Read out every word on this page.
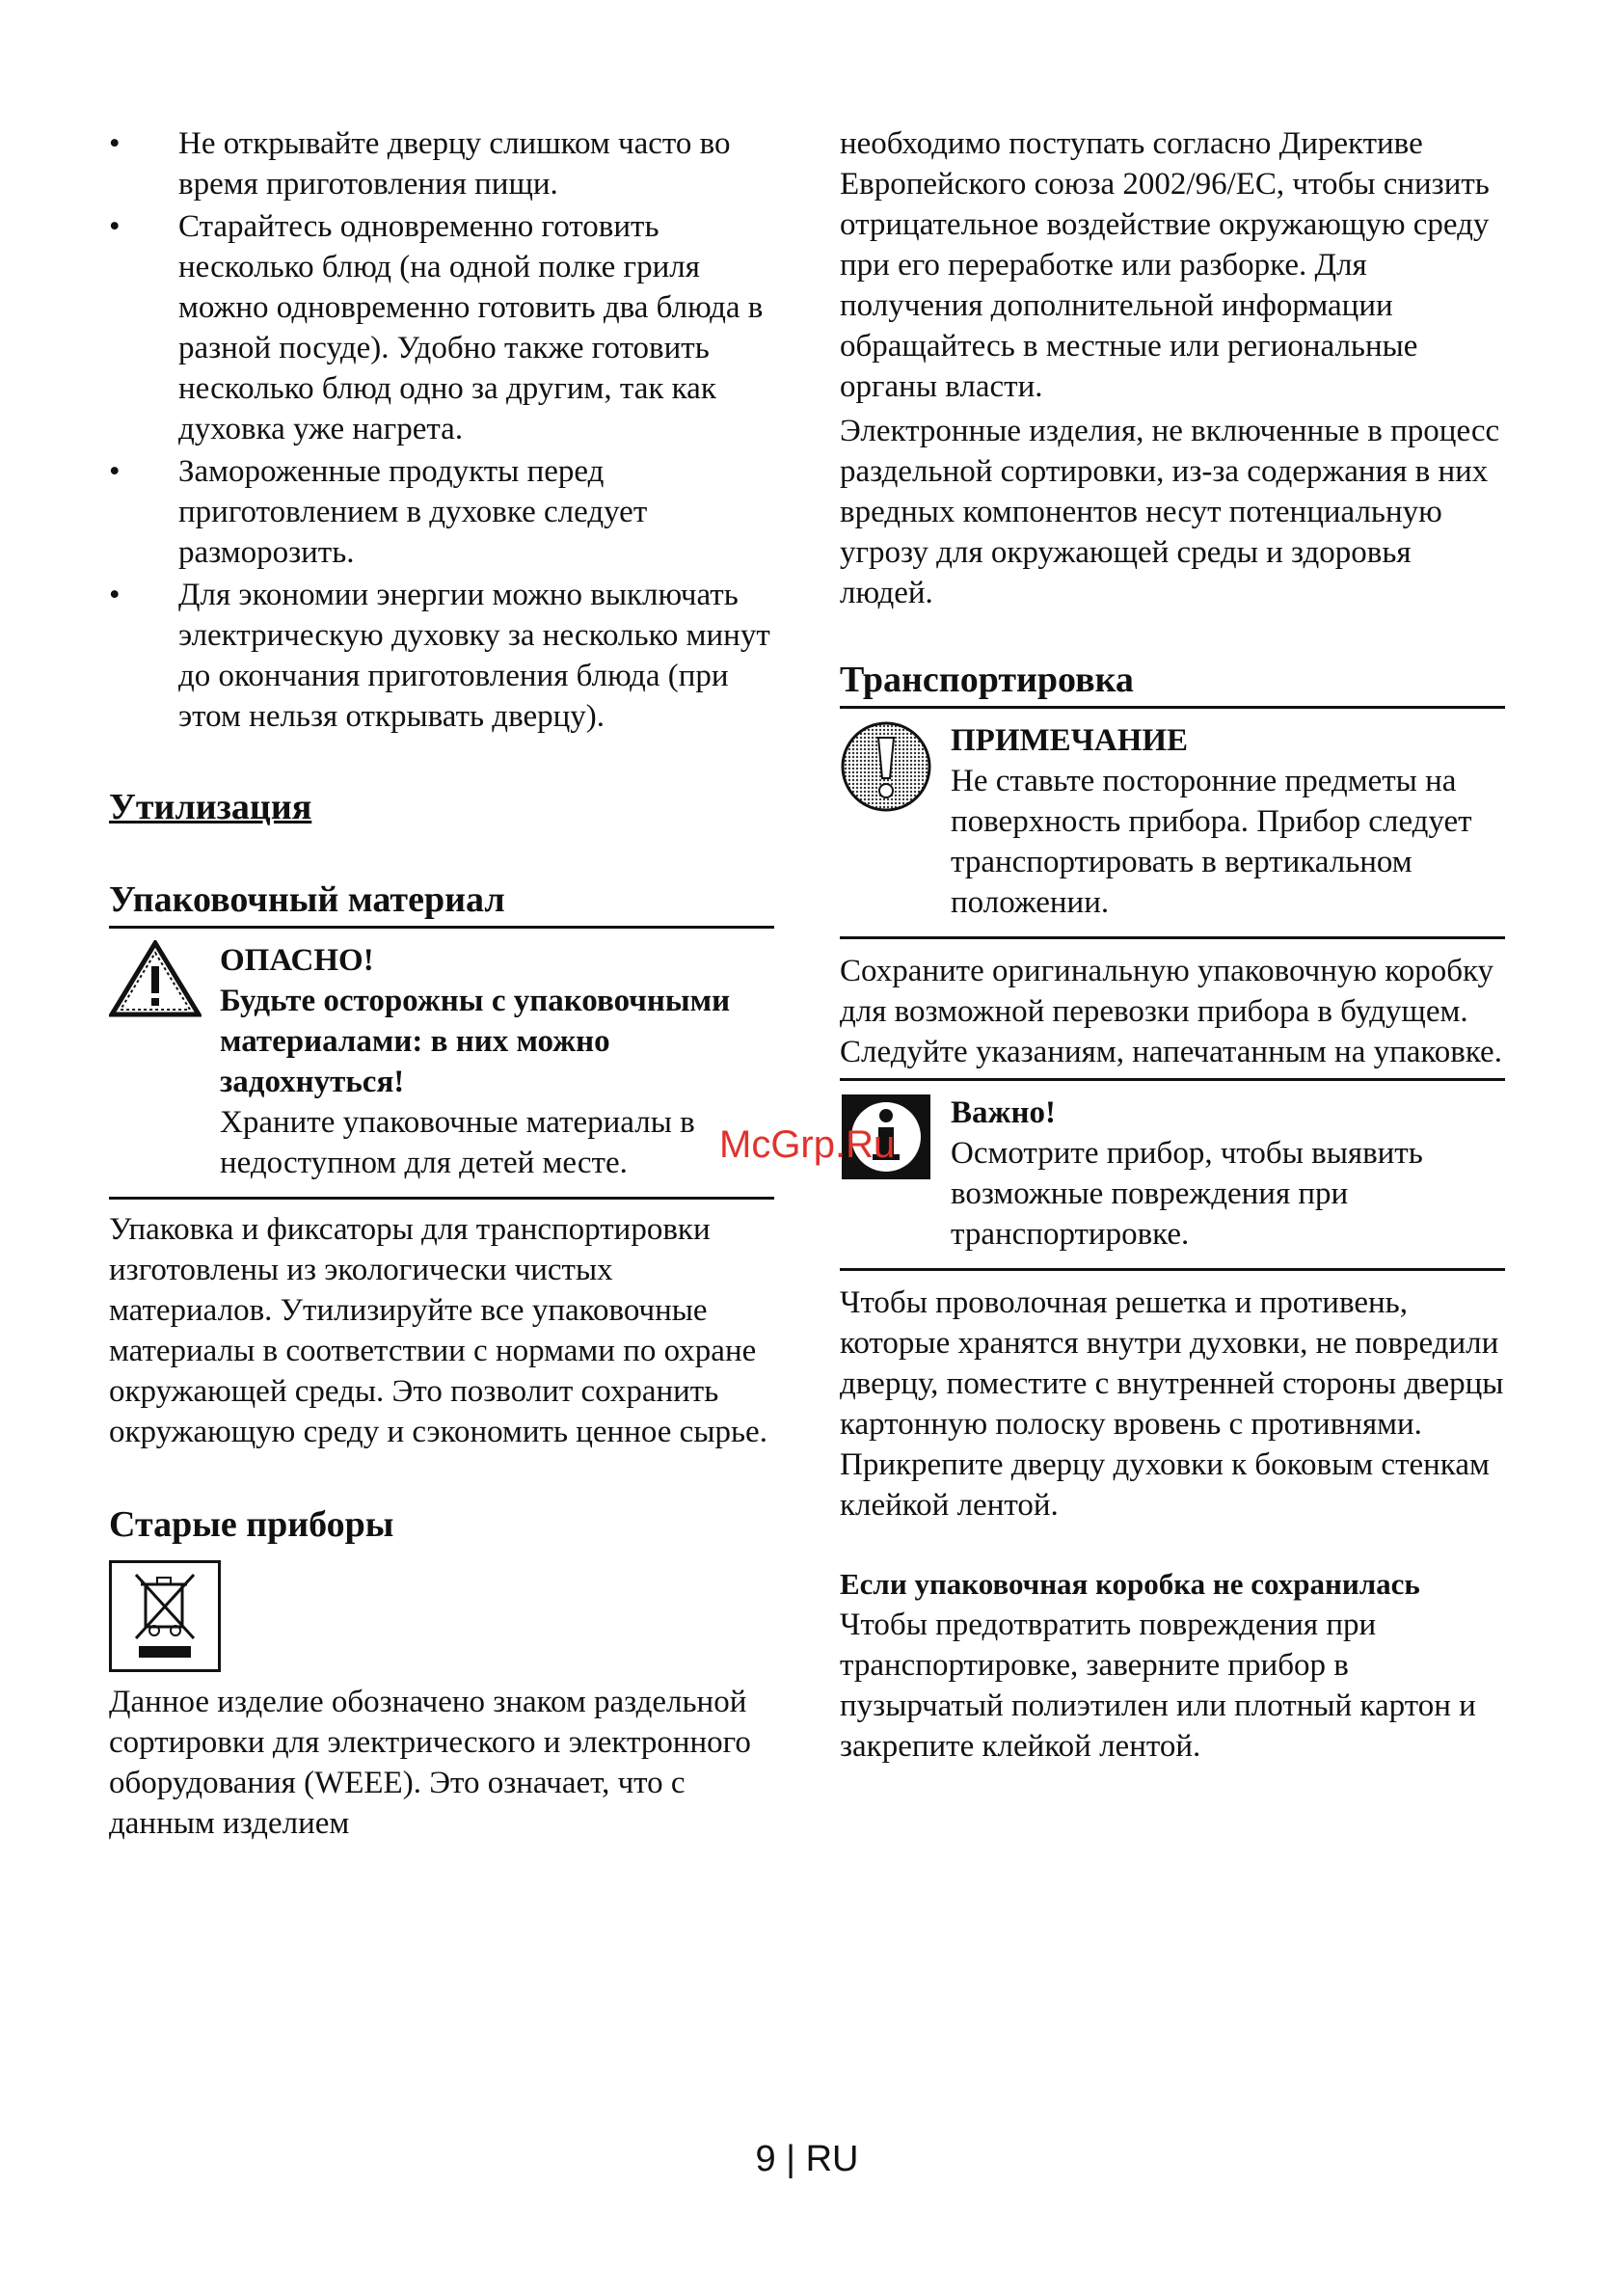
• Не открывайте дверцу слишком часто во время приготовления пищи.
• Старайтесь одновременно готовить несколько блюд (на одной полке гриля можно одновременно готовить два блюда в разной посуде). Удобно также готовить несколько блюд одно за другим, так как духовка уже нагрета.
• Замороженные продукты перед приготовлением в духовке следует разморозить.
• Для экономии энергии можно выключать электрическую духовку за несколько минут до окончания приготовления блюда (при этом нельзя открывать дверцу).
Утилизация
Упаковочный материал

ОПАСНО!

Будьте осторожны с упаковочными материалами: в них можно задохнуться!

Храните упаковочные материалы в недоступном для детей месте.

Упаковка и фиксаторы для транспортировки изготовлены из экологически чистых материалов. Утилизируйте все упаковочные материалы в соответствии с нормами по охране окружающей среды. Это позволит сохранить окружающую среду и сэкономить ценное сырье.

Старые приборы

Данное изделие обозначено знаком раздельной сортировки для электрического и электронного оборудования (WEEE). Это означает, что с данным изделием

необходимо поступать согласно Директиве Европейского союза 2002/96/ЕС, чтобы снизить отрицательное воздействие окружающую среду при его переработке или разборке. Для получения дополнительной информации обращайтесь в местные или региональные органы власти.

Электронные изделия, не включенные в процесс раздельной сортировки, из-за содержания в них вредных компонентов несут потенциальную угрозу для окружающей среды и здоровья людей.

Транспортировка

ПРИМЕЧАНИЕ

Не ставьте посторонние предметы на поверхность прибора. Прибор следует транспортировать в вертикальном положении.

Сохраните оригинальную упаковочную коробку для возможной перевозки прибора в будущем. Следуйте указаниям, напечатанным на упаковке.

Важно!

Осмотрите прибор, чтобы выявить возможные повреждения при транспортировке.

Чтобы проволочная решетка и противень, которые хранятся внутри духовки, не повредили дверцу, поместите с внутренней стороны дверцы картонную полоску вровень с противнями. Прикрепите дверцу духовки к боковым стенкам клейкой лентой.

Если упаковочная коробка не сохранилась

Чтобы предотвратить повреждения при транспортировке, заверните прибор в пузырчатый полиэтилен или плотный картон и закрепите клейкой лентой.

McGrp.Ru
9 | RU
